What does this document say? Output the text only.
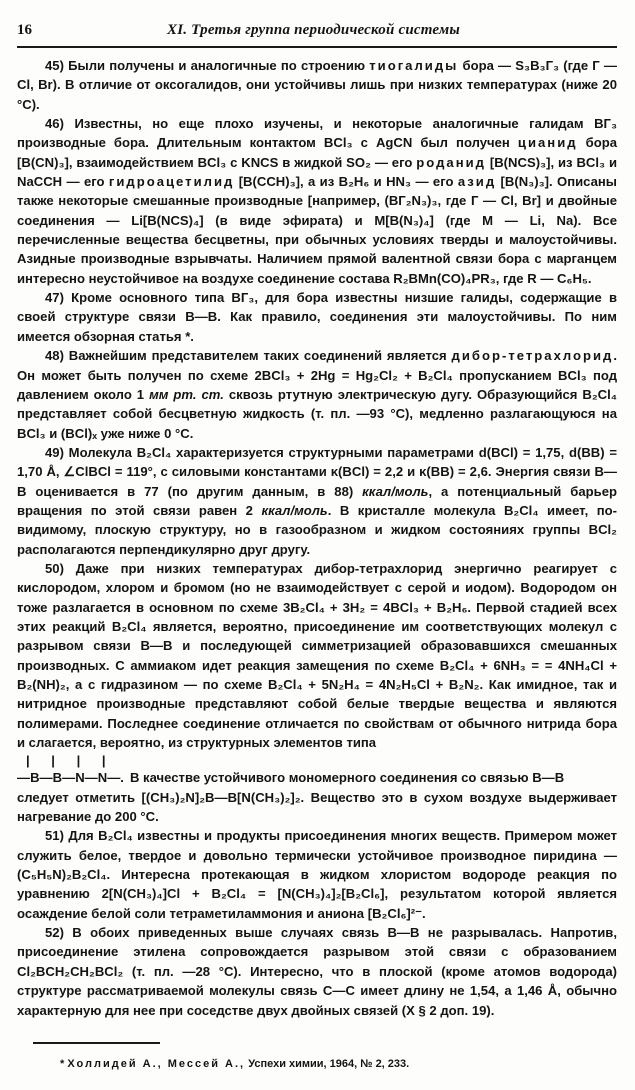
16	XI. Третья группа периодической системы

45) Были получены и аналогичные по строению тиогалиды бора — S₃B₃Г₃ (где Г — Cl, Br). В отличие от оксогалидов, они устойчивы лишь при низких температурах (ниже 20 °C).

46) Известны, но еще плохо изучены, и некоторые аналогичные галидам BГ₃ производные бора. Длительным контактом BCl₃ с AgCN был получен цианид бора [B(CN)₃], взаимодействием BCl₃ с KNCS в жидкой SO₂ — его роданид [B(NCS)₃], из BCl₃ и NaCCH — его гидроацетилид [B(CCH)₃], а из B₂H₆ и HN₃ — его азид [B(N₃)₃]. Описаны также некоторые смешанные производные [например, (BГ₂N₃)₃, где Г — Cl, Br] и двойные соединения — Li[B(NCS)₄] (в виде эфирата) и M[B(N₃)₄] (где M — Li, Na). Все перечисленные вещества бесцветны, при обычных условиях тверды и малоустойчивы. Азидные производные взрывчаты. Наличием прямой валентной связи бора с марганцем интересно неустойчивое на воздухе соединение состава R₂BMn(CO)₄PR₃, где R — C₆H₅.

47) Кроме основного типа BГ₃, для бора известны низшие галиды, содержащие в своей структуре связи B—B. Как правило, соединения эти малоустойчивы. По ним имеется обзорная статья *.

48) Важнейшим представителем таких соединений является дибор-тетрахлорид. Он может быть получен по схеме 2BCl₃ + 2Hg = Hg₂Cl₂ + B₂Cl₄ пропусканием BCl₃ под давлением около 1 мм рт. ст. сквозь ртутную электрическую дугу. Образующийся B₂Cl₄ представляет собой бесцветную жидкость (т. пл. —93 °C), медленно разлагающуюся на BCl₃ и (BCl)ₓ уже ниже 0 °C.

49) Молекула B₂Cl₄ характеризуется структурными параметрами d(BCl) = 1,75, d(BB) = 1,70 Å, ∠ClBCl = 119°, с силовыми константами κ(BCl) = 2,2 и κ(BB) = 2,6. Энергия связи B—B оценивается в 77 (по другим данным, в 88) ккал/моль, а потенциальный барьер вращения по этой связи равен 2 ккал/моль. В кристалле молекула B₂Cl₄ имеет, по-видимому, плоскую структуру, но в газообразном и жидком состояниях группы BCl₂ располагаются перпендикулярно друг другу.

50) Даже при низких температурах дибор-тетрахлорид энергично реагирует с кислородом, хлором и бромом (но не взаимодействует с серой и иодом). Водородом он тоже разлагается в основном по схеме 3B₂Cl₄ + 3H₂ = 4BCl₃ + B₂H₆. Первой стадией всех этих реакций B₂Cl₄ является, вероятно, присоединение им соответствующих молекул с разрывом связи B—B и последующей симметризацией образовавшихся смешанных производных. С аммиаком идет реакция замещения по схеме B₂Cl₄ + 6NH₃ = = 4NH₄Cl + B₂(NH)₂, а с гидразином — по схеме B₂Cl₄ + 5N₂H₄ = 4N₂H₅Cl + B₂N₂. Как имидное, так и нитридное производные представляют собой белые твердые вещества и являются полимерами. Последнее соединение отличается по свойствам от обычного нитрида бора и слагается, вероятно, из структурных элементов типа

| | | |
—B—B—N—N—. В качестве устойчивого мономерного соединения со связью B—B

следует отметить [(CH₃)₂N]₂B—B[N(CH₃)₂]₂. Вещество это в сухом воздухе выдерживает нагревание до 200 °C.

51) Для B₂Cl₄ известны и продукты присоединения многих веществ. Примером может служить белое, твердое и довольно термически устойчивое производное пиридина — (C₅H₅N)₂B₂Cl₄. Интересна протекающая в жидком хлористом водороде реакция по уравнению 2[N(CH₃)₄]Cl + B₂Cl₄ = [N(CH₃)₄]₂[B₂Cl₆], результатом которой является осаждение белой соли тетраметиламмония и аниона [B₂Cl₆]²⁻.

52) В обоих приведенных выше случаях связь B—B не разрывалась. Напротив, присоединение этилена сопровождается разрывом этой связи с образованием Cl₂BCH₂CH₂BCl₂ (т. пл. —28 °C). Интересно, что в плоской (кроме атомов водорода) структуре рассматриваемой молекулы связь C—C имеет длину не 1,54, а 1,46 Å, обычно характерную для нее при соседстве двух двойных связей (X § 2 доп. 19).

* Холлидей А., Мессей А., Успехи химии, 1964, № 2, 233.
